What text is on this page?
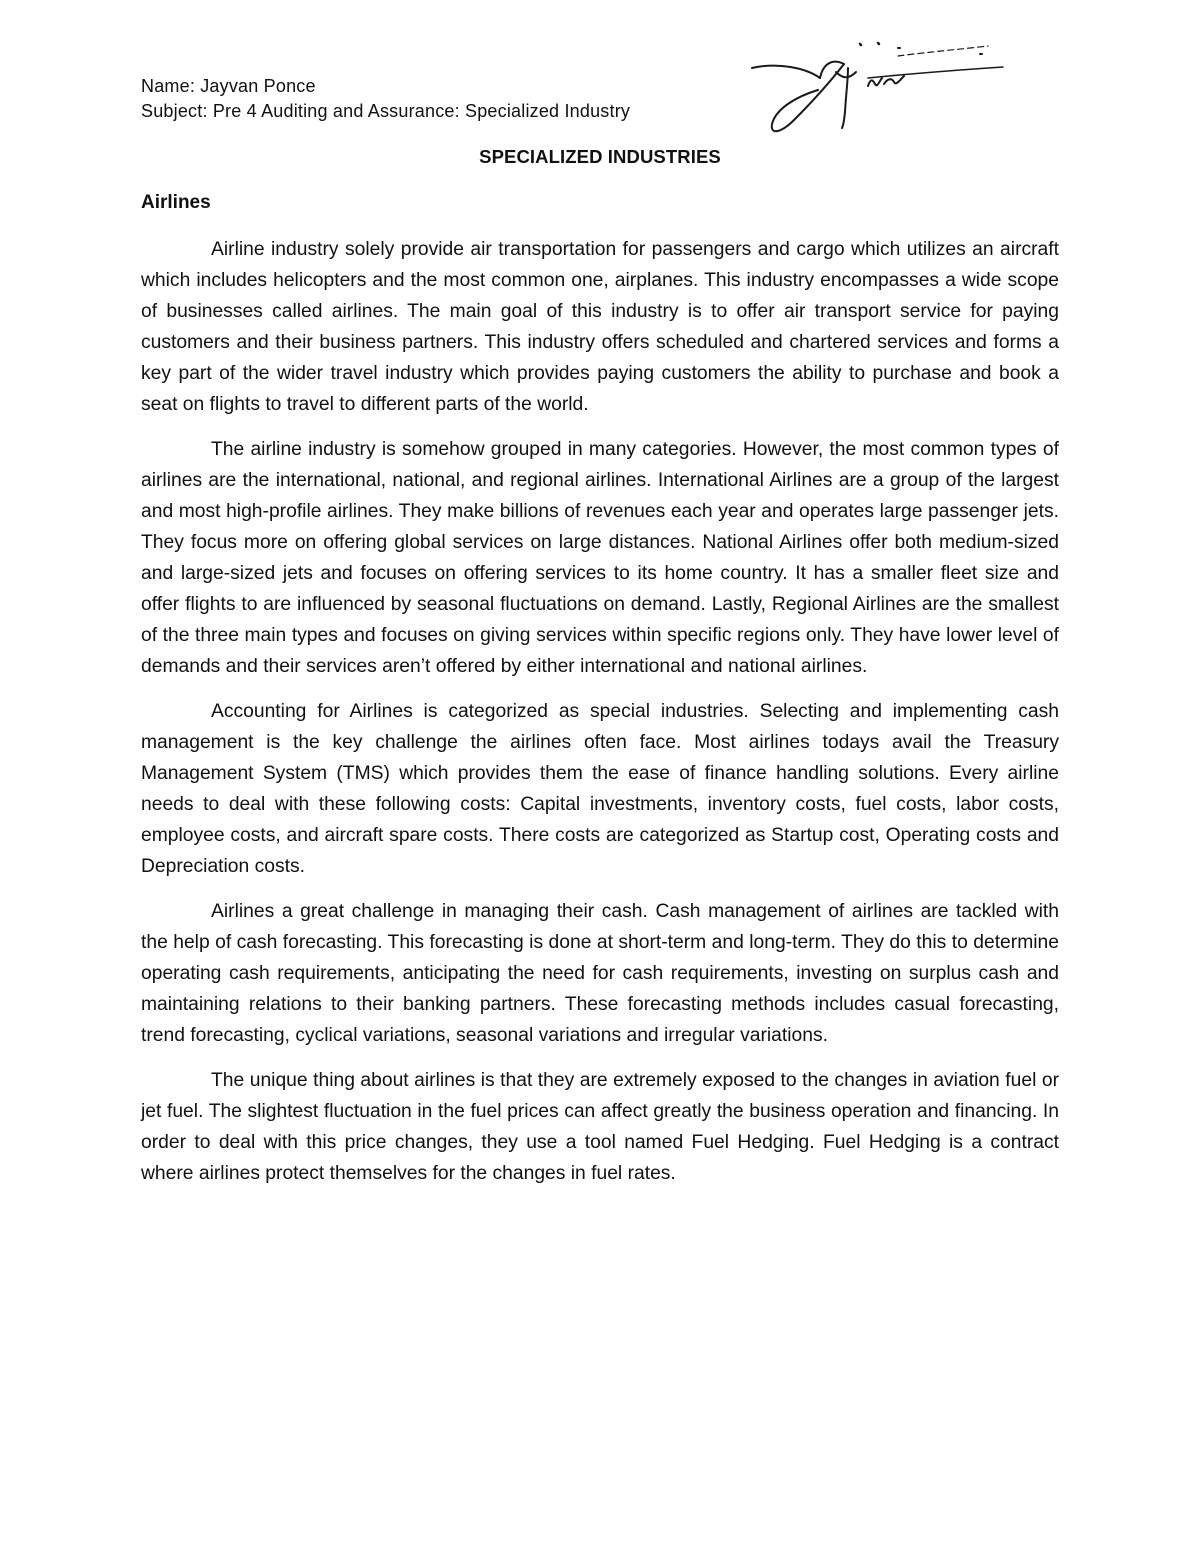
Name: Jayvan Ponce
Subject: Pre 4 Auditing and Assurance: Specialized Industry
SPECIALIZED INDUSTRIES
Airlines

Airline industry solely provide air transportation for passengers and cargo which utilizes an aircraft which includes helicopters and the most common one, airplanes. This industry encompasses a wide scope of businesses called airlines. The main goal of this industry is to offer air transport service for paying customers and their business partners. This industry offers scheduled and chartered services and forms a key part of the wider travel industry which provides paying customers the ability to purchase and book a seat on flights to travel to different parts of the world.

The airline industry is somehow grouped in many categories. However, the most common types of airlines are the international, national, and regional airlines. International Airlines are a group of the largest and most high-profile airlines. They make billions of revenues each year and operates large passenger jets. They focus more on offering global services on large distances. National Airlines offer both medium-sized and large-sized jets and focuses on offering services to its home country. It has a smaller fleet size and offer flights to are influenced by seasonal fluctuations on demand. Lastly, Regional Airlines are the smallest of the three main types and focuses on giving services within specific regions only. They have lower level of demands and their services aren’t offered by either international and national airlines.

Accounting for Airlines is categorized as special industries. Selecting and implementing cash management is the key challenge the airlines often face. Most airlines todays avail the Treasury Management System (TMS) which provides them the ease of finance handling solutions. Every airline needs to deal with these following costs: Capital investments, inventory costs, fuel costs, labor costs, employee costs, and aircraft spare costs. There costs are categorized as Startup cost, Operating costs and Depreciation costs.

Airlines a great challenge in managing their cash. Cash management of airlines are tackled with the help of cash forecasting. This forecasting is done at short-term and long-term. They do this to determine operating cash requirements, anticipating the need for cash requirements, investing on surplus cash and maintaining relations to their banking partners. These forecasting methods includes casual forecasting, trend forecasting, cyclical variations, seasonal variations and irregular variations.

The unique thing about airlines is that they are extremely exposed to the changes in aviation fuel or jet fuel. The slightest fluctuation in the fuel prices can affect greatly the business operation and financing. In order to deal with this price changes, they use a tool named Fuel Hedging. Fuel Hedging is a contract where airlines protect themselves for the changes in fuel rates.
